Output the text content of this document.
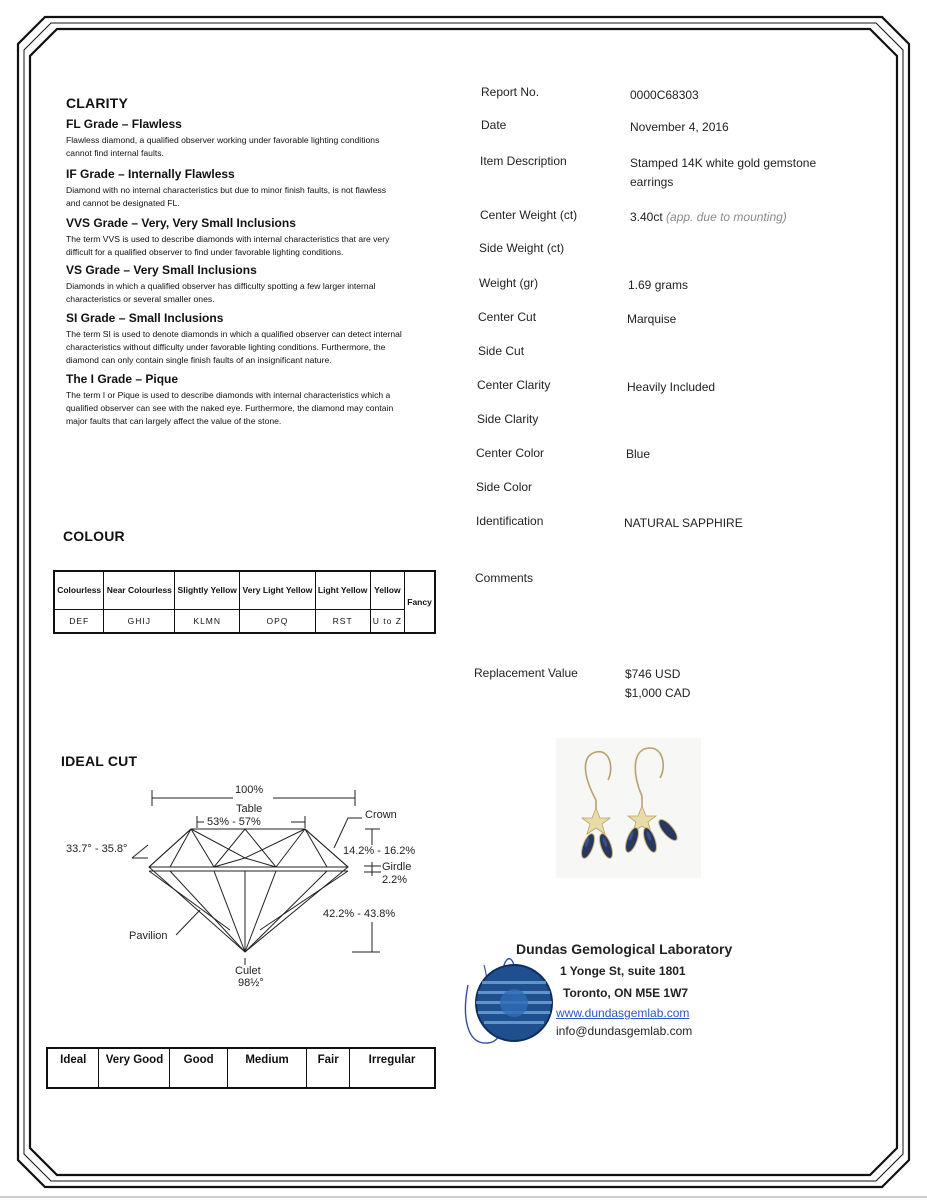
CLARITY
FL Grade – Flawless
Flawless diamond, a qualified observer working under favorable lighting conditions
cannot find internal faults.
IF Grade – Internally Flawless
Diamond with no internal characteristics but due to minor finish faults, is not flawless
and cannot be designated FL.
VVS Grade – Very, Very Small Inclusions
The term VVS is used to describe diamonds with internal characteristics that are very
difficult for a qualified observer to find under favorable lighting conditions.
VS Grade – Very Small Inclusions
Diamonds in which a qualified observer has difficulty spotting a few larger internal
characteristics or several smaller ones.
SI Grade – Small Inclusions
The term SI is used to denote diamonds in which a qualified observer can detect internal
characteristics without difficulty under favorable lighting conditions. Furthermore, the
diamond can only contain single finish faults of an insignificant nature.
The I Grade – Pique
The term I or Pique is used to describe diamonds with internal characteristics which a
qualified observer can see with the naked eye. Furthermore, the diamond may contain
major faults that can largely affect the value of the stone.
COLOUR
Colourless	Near Colourless	Slightly Yellow	Very Light Yellow	Light Yellow	Yellow	Fancy
DEF	GHIJ	KLMN	OPQ	RST	U to Z	
IDEAL CUT
100%
Table
53% - 57%
Crown
33.7° - 35.8°	14.2% - 16.2%
Girdle
2.2%
42.2% - 43.8%
Pavilion
Culet
98½°
Ideal	Very Good	Good	Medium	Fair	Irregular
Report No.	0000C68303
Date	November 4, 2016
Item Description	Stamped 14K white gold gemstone earrings
Center Weight (ct)	3.40ct (app. due to mounting)
Side Weight (ct)
Weight (gr)	1.69 grams
Center Cut	Marquise
Side Cut
Center Clarity	Heavily Included
Side Clarity
Center Color	Blue
Side Color
Identification	NATURAL SAPPHIRE
Comments
Replacement Value	$746 USD
$1,000 CAD
Dundas Gemological Laboratory
1 Yonge St, suite 1801
Toronto, ON M5E 1W7
www.dundasgemlab.com
info@dundasgemlab.com
